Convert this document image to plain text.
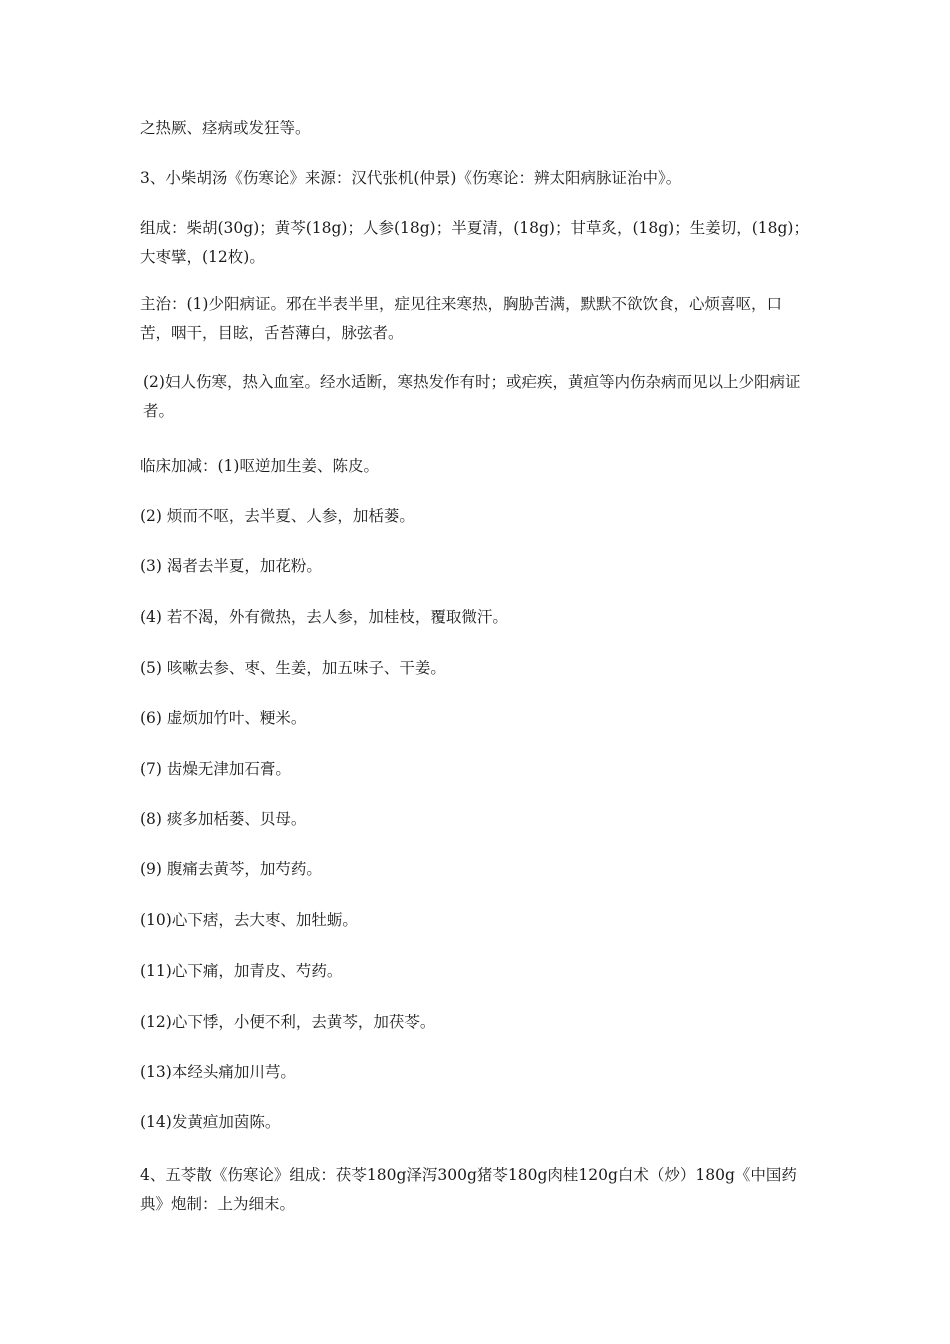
之热厥、痉病或发狂等。
3、小柴胡汤《伤寒论》来源：汉代张机(仲景)《伤寒论：辨太阳病脉证治中》。
组成：柴胡(30g)；黄芩(18g)；人参(18g)；半夏清，(18g)；甘草炙，(18g)；生姜切，(18g)；大枣擘，(12枚)。
主治：(1)少阳病证。邪在半表半里，症见往来寒热，胸胁苦满，默默不欲饮食，心烦喜呕，口苦，咽干，目眩，舌苔薄白，脉弦者。
(2)妇人伤寒，热入血室。经水适断，寒热发作有时；或疟疾，黄疸等内伤杂病而见以上少阳病证者。
临床加减：(1)呕逆加生姜、陈皮。
(2) 烦而不呕，去半夏、人参，加栝蒌。
(3) 渴者去半夏，加花粉。
(4) 若不渴，外有微热，去人参，加桂枝，覆取微汗。
(5) 咳嗽去参、枣、生姜，加五味子、干姜。
(6) 虚烦加竹叶、粳米。
(7) 齿燥无津加石膏。
(8) 痰多加栝蒌、贝母。
(9) 腹痛去黄芩，加芍药。
(10)心下痞，去大枣、加牡蛎。
(11)心下痛，加青皮、芍药。
(12)心下悸，小便不利，去黄芩，加茯苓。
(13)本经头痛加川芎。
(14)发黄疸加茵陈。
4、五苓散《伤寒论》组成：茯苓180g泽泻300g猪苓180g肉桂120g白术（炒）180g《中国药典》炮制：上为细末。
